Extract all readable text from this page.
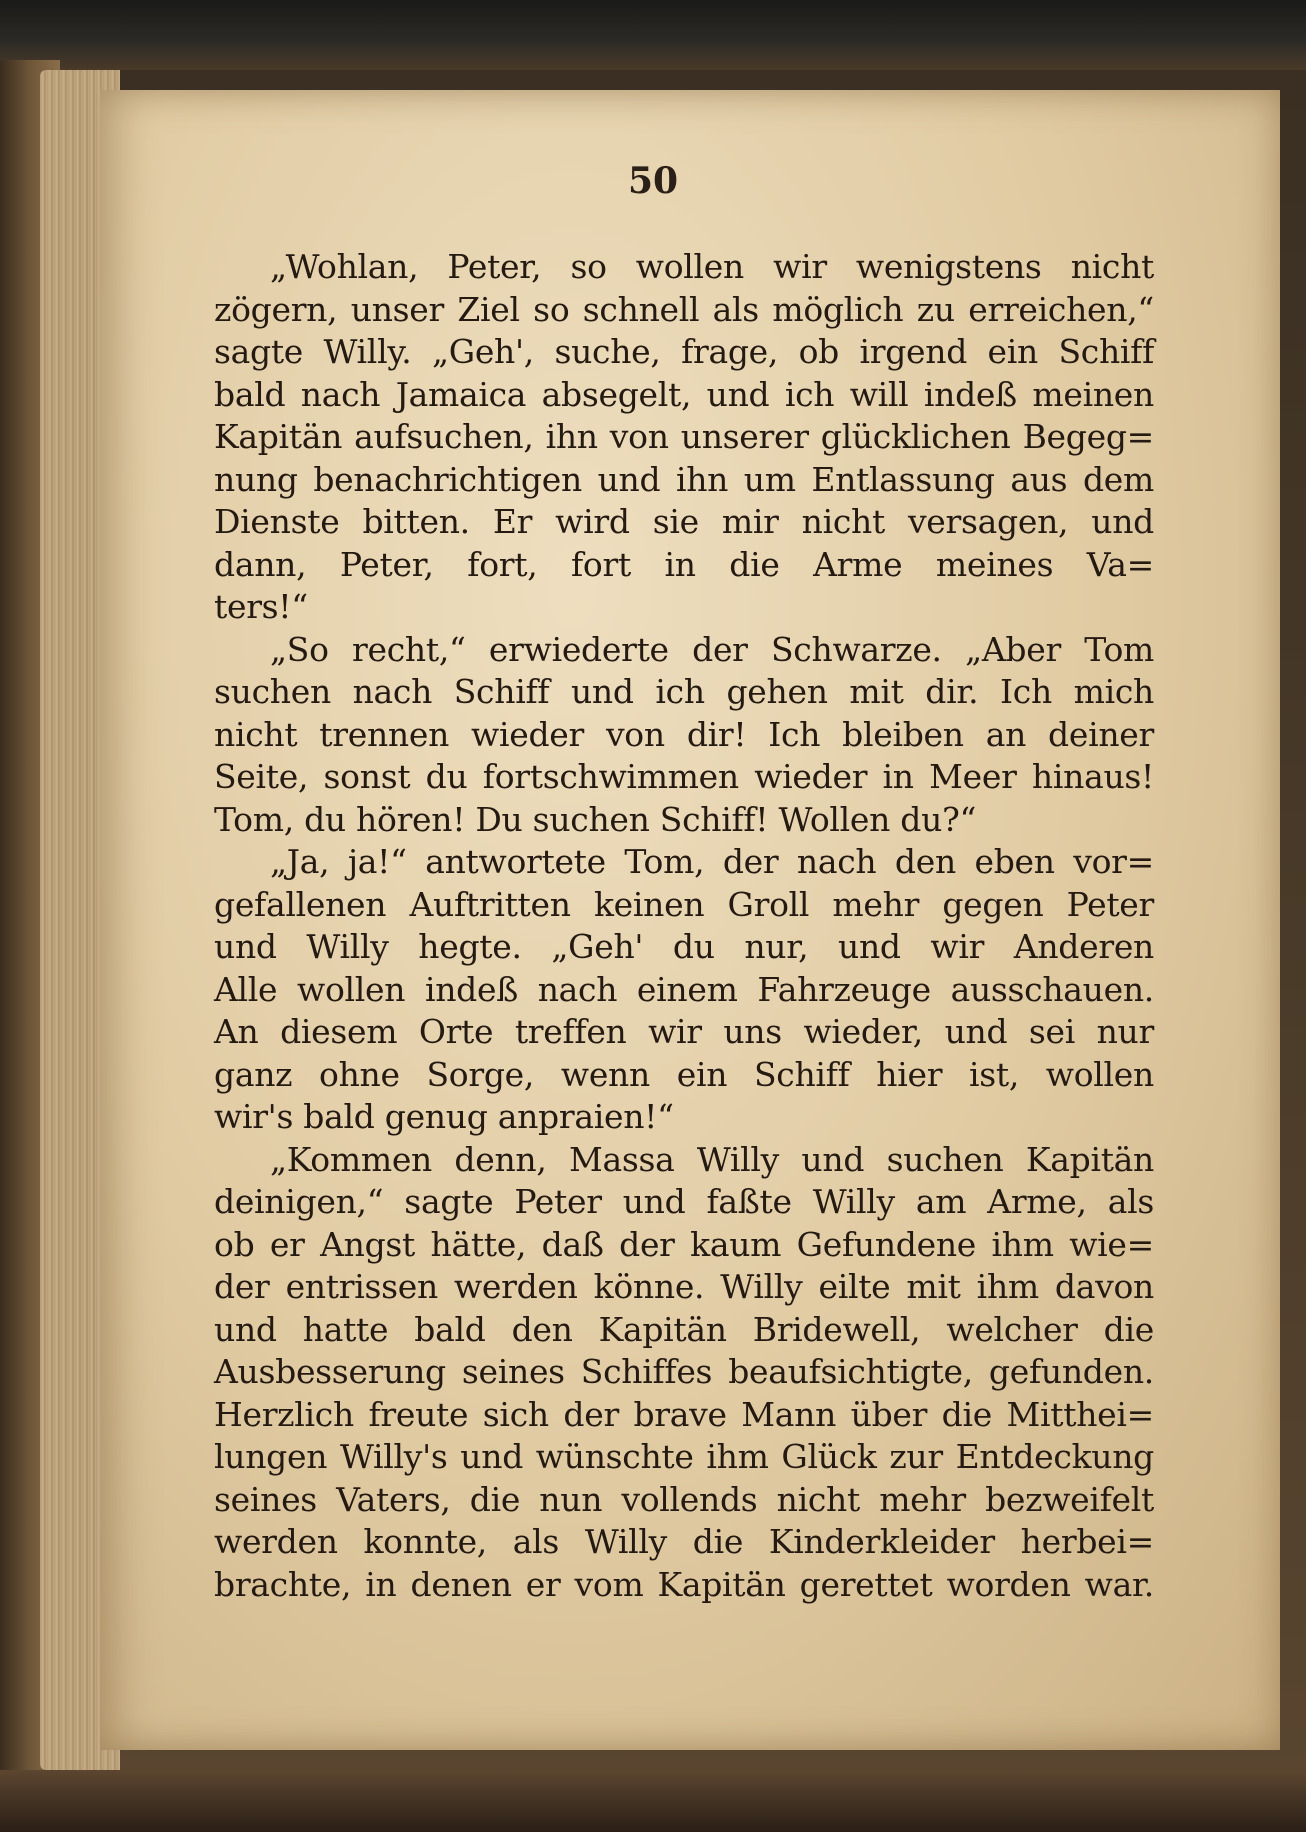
50

„Wohlan, Peter, so wollen wir wenigstens nicht
zögern, unser Ziel so schnell als möglich zu erreichen,“
sagte Willy. „Geh', suche, frage, ob irgend ein Schiff
bald nach Jamaica absegelt, und ich will indeß meinen
Kapitän aufsuchen, ihn von unserer glücklichen Begeg=
nung benachrichtigen und ihn um Entlassung aus dem
Dienste bitten. Er wird sie mir nicht versagen, und
dann, Peter, fort, fort in die Arme meines Va=
ters!“
„So recht,“ erwiederte der Schwarze. „Aber Tom
suchen nach Schiff und ich gehen mit dir. Ich mich
nicht trennen wieder von dir! Ich bleiben an deiner
Seite, sonst du fortschwimmen wieder in Meer hinaus!
Tom, du hören! Du suchen Schiff! Wollen du?“
„Ja, ja!“ antwortete Tom, der nach den eben vor=
gefallenen Auftritten keinen Groll mehr gegen Peter
und Willy hegte. „Geh' du nur, und wir Anderen
Alle wollen indeß nach einem Fahrzeuge ausschauen.
An diesem Orte treffen wir uns wieder, und sei nur
ganz ohne Sorge, wenn ein Schiff hier ist, wollen
wir's bald genug anpraien!“
„Kommen denn, Massa Willy und suchen Kapitän
deinigen,“ sagte Peter und faßte Willy am Arme, als
ob er Angst hätte, daß der kaum Gefundene ihm wie=
der entrissen werden könne. Willy eilte mit ihm davon
und hatte bald den Kapitän Bridewell, welcher die
Ausbesserung seines Schiffes beaufsichtigte, gefunden.
Herzlich freute sich der brave Mann über die Mitthei=
lungen Willy's und wünschte ihm Glück zur Entdeckung
seines Vaters, die nun vollends nicht mehr bezweifelt
werden konnte, als Willy die Kinderkleider herbei=
brachte, in denen er vom Kapitän gerettet worden war.
